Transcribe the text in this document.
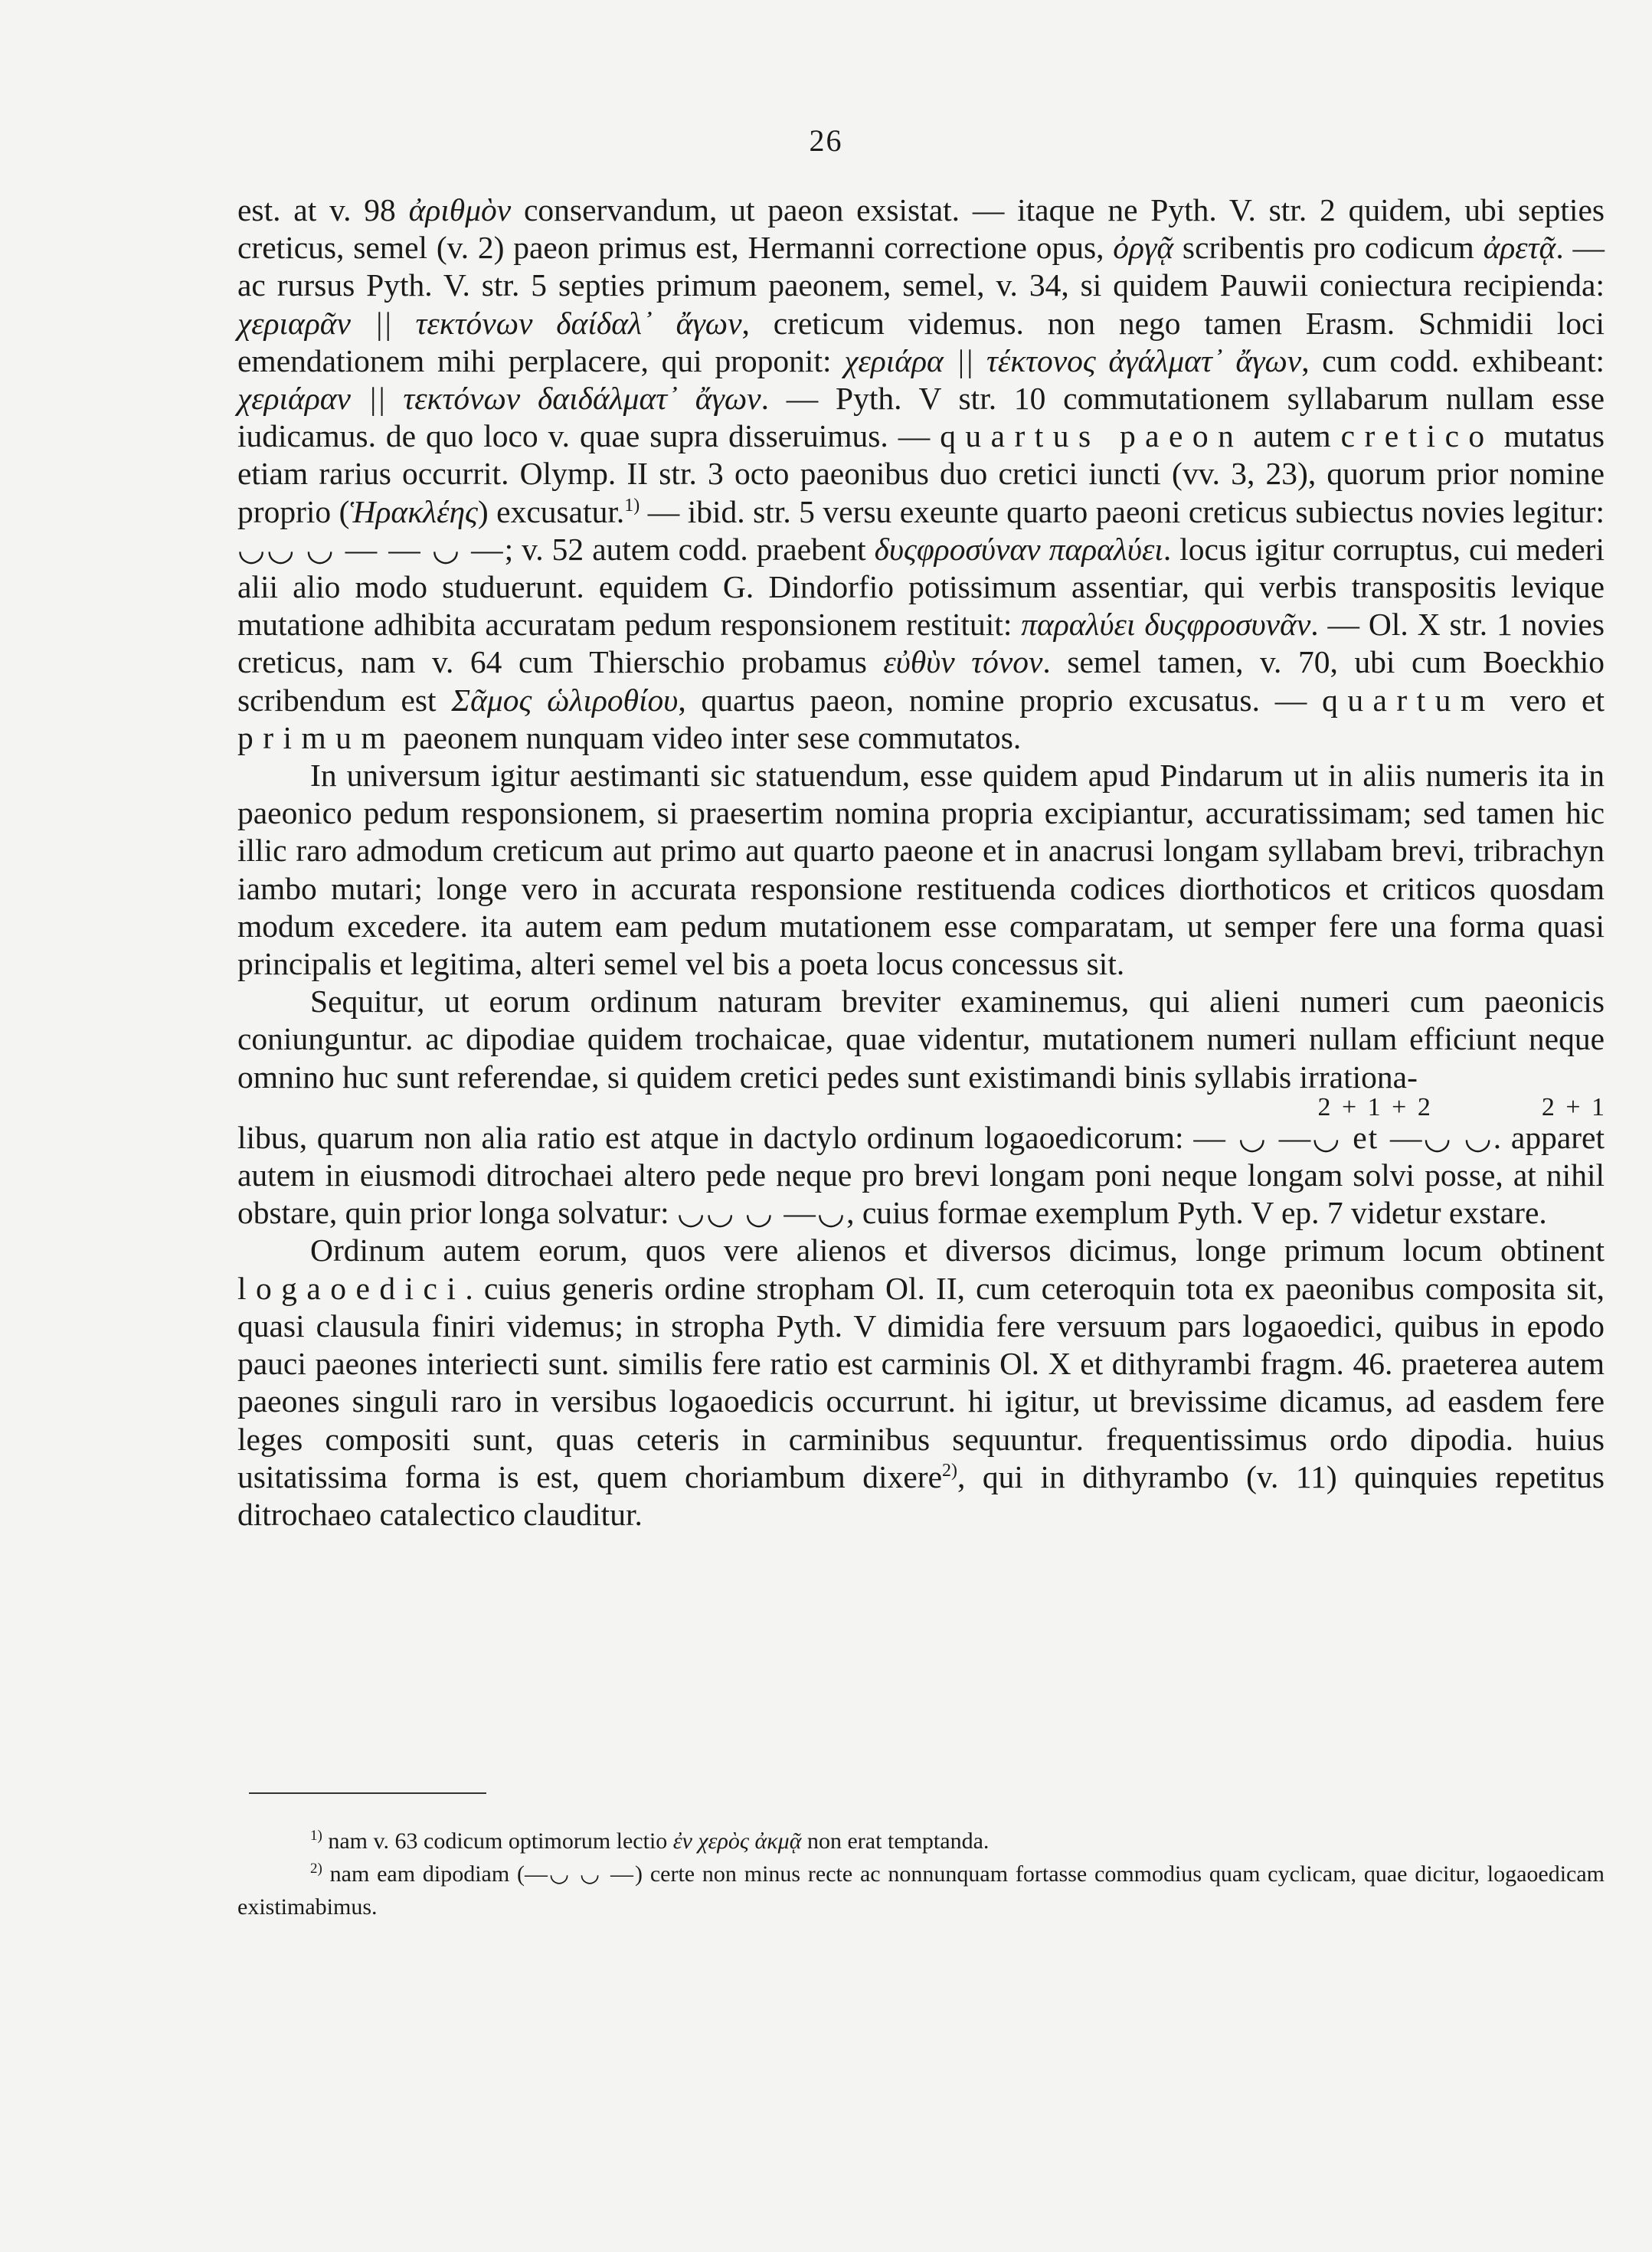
26

est. at v. 98 ἀριθμὸν conservandum, ut paeon exsistat. — itaque ne Pyth. V. str. 2 quidem, ubi septies creticus, semel (v. 2) paeon primus est, Hermanni correctione opus, ὀργᾷ scribentis pro codicum ἀρετᾷ. — ac rursus Pyth. V. str. 5 septies primum paeonem, semel, v. 34, si quidem Pauwii coniectura recipienda: χεριαρᾶν || τεκτόνων δαίδαλ᾽ ἄγων, creticum videmus. non nego tamen Erasm. Schmidii loci emendationem mihi perplacere, qui proponit: χεριάρα || τέκτονος ἀγάλματ᾽ ἄγων, cum codd. exhibeant: χεριάραν || τεκτόνων δαιδάλματ᾽ ἄγων. — Pyth. V str. 10 commutationem syllabarum nullam esse iudicamus. de quo loco v. quae supra disseruimus. — quartus paeon autem cretico mutatus etiam rarius occurrit. Olymp. II str. 3 octo paeonibus duo cretici iuncti (vv. 3, 23), quorum prior nomine proprio (Ἡρακλέης) excusatur.$^{1)}$ — ibid. str. 5 versu exeunte quarto paeoni creticus subiectus novies legitur: ◡◡ ◡ — — ◡ —; v. 52 autem codd. praebent δυςφροσύναν παραλύει. locus igitur corruptus, cui mederi alii alio modo studuerunt. equidem G. Dindorfio potissimum assentiar, qui verbis transpositis levique mutatione adhibita accuratam pedum responsionem restituit: παραλύει δυςφροσυνᾶν. — Ol. X str. 1 novies creticus, nam v. 64 cum Thierschio probamus εὐθὺν τόνον. semel tamen, v. 70, ubi cum Boeckhio scribendum est Σᾶμος ὡλιροθίου, quartus paeon, nomine proprio excusatus. — quartum vero et primum paeonem nunquam video inter sese commutatos.

In universum igitur aestimanti sic statuendum, esse quidem apud Pindarum ut in aliis numeris ita in paeonico pedum responsionem, si praesertim nomina propria excipiantur, accuratissimam; sed tamen hic illic raro admodum creticum aut primo aut quarto paeone et in anacrusi longam syllabam brevi, tribrachyn iambo mutari; longe vero in accurata responsione restituenda codices diorthoticos et criticos quosdam modum excedere. ita autem eam pedum mutationem esse comparatam, ut semper fere una forma quasi principalis et legitima, alteri semel vel bis a poeta locus concessus sit.

Sequitur, ut eorum ordinum naturam breviter examinemus, qui alieni numeri cum paeonicis coniunguntur. ac dipodiae quidem trochaicae, quae videntur, mutationem numeri nullam efficiunt neque omnino huc sunt referendae, si quidem cretici pedes sunt existimandi binis syllabis irrationa-

2 + 1 + 2          2 + 1

libus, quarum non alia ratio est atque in dactylo ordinum logaoedicorum: — ◡ —◡ et —◡ ◡. apparet autem in eiusmodi ditrochaei altero pede neque pro brevi longam poni neque longam solvi posse, at nihil obstare, quin prior longa solvatur: ◡◡ ◡ —◡, cuius formae exemplum Pyth. V ep. 7 videtur exstare.

Ordinum autem eorum, quos vere alienos et diversos dicimus, longe primum locum obtinent logaoedici. cuius generis ordine stropham Ol. II, cum ceteroquin tota ex paeonibus composita sit, quasi clausula finiri videmus; in stropha Pyth. V dimidia fere versuum pars logaoedici, quibus in epodo pauci paeones interiecti sunt. similis fere ratio est carminis Ol. X et dithyrambi fragm. 46. praeterea autem paeones singuli raro in versibus logaoedicis occurrunt. hi igitur, ut brevissime dicamus, ad easdem fere leges compositi sunt, quas ceteris in carminibus sequuntur. frequentissimus ordo dipodia. huius usitatissima forma is est, quem choriambum dixere$^{2)}$, qui in dithyrambo (v. 11) quinquies repetitus ditrochaeo catalectico clauditur.

$^{1)}$ nam v. 63 codicum optimorum lectio ἐν χερὸς ἀκμᾷ non erat temptanda.

$^{2)}$ nam eam dipodiam (—◡ ◡ —) certe non minus recte ac nonnunquam fortasse commodius quam cyclicam, quae dicitur, logaoedicam existimabimus.
